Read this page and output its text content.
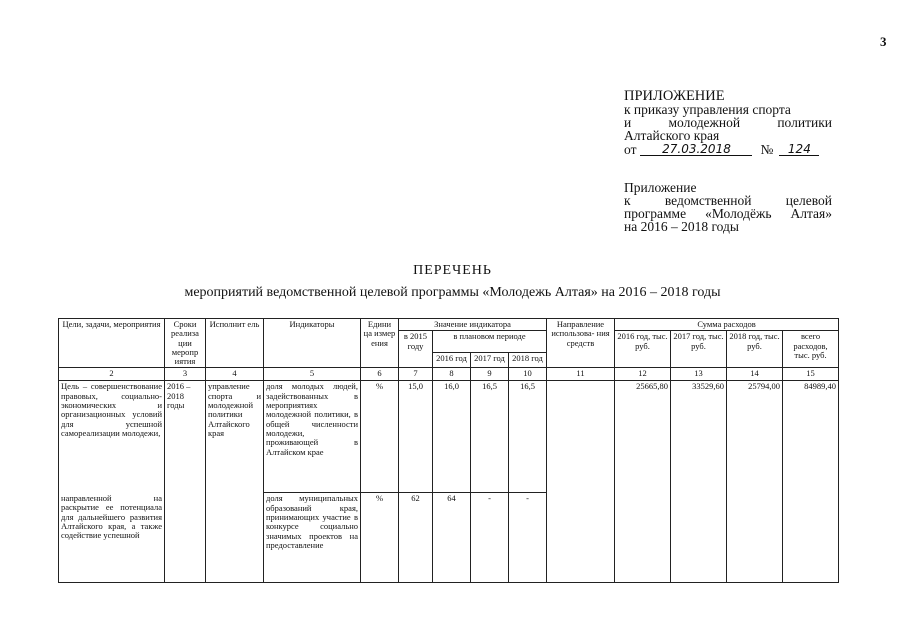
3
ПРИЛОЖЕНИЕ
к приказу управления спорта
и молодежной политики
Алтайского края
от	27.03.2018	№	124
Приложение
к ведомственной целевой
программе «Молодёжь Алтая»
на 2016 – 2018 годы
ПЕРЕЧЕНЬ
мероприятий ведомственной целевой программы «Молодежь Алтая» на 2016 – 2018 годы
Цели, задачи, мероприятия	Сроки реализа ции меропр иятия	Исполнит ель	Индикаторы	Едини ца измер ения	Значение индикатора				Направление использова- ния средств	Сумма расходов			
					в 2015 году	в плановом периоде				2016 год, тыс. руб.	2017 год, тыс. руб.	2018 год, тыс. руб.	всего расходов, тыс. руб.
						2016 год	2017 год	2018 год					
2	3	4	5	6	7	8	9	10	11	12	13	14	15
Цель – совершенствование правовых, социально-экономических и организационных условий для успешной самореализации молодежи,	2016 – 2018 годы	управление спорта и молодежной политики Алтайского края	доля молодых людей, задействованных в мероприятиях молодежной политики, в общей численности молодежи, проживающей в Алтайском крае	%	15,0	16,0	16,5	16,5		25665,80	33529,60	25794,00	84989,40
направленной на раскрытие ее потенциала для дальнейшего развития Алтайского края, а также содействие успешной			доля муниципальных образований края, принимающих участие в конкурсе социально значимых проектов на предоставление	%	62	64	-	-					
